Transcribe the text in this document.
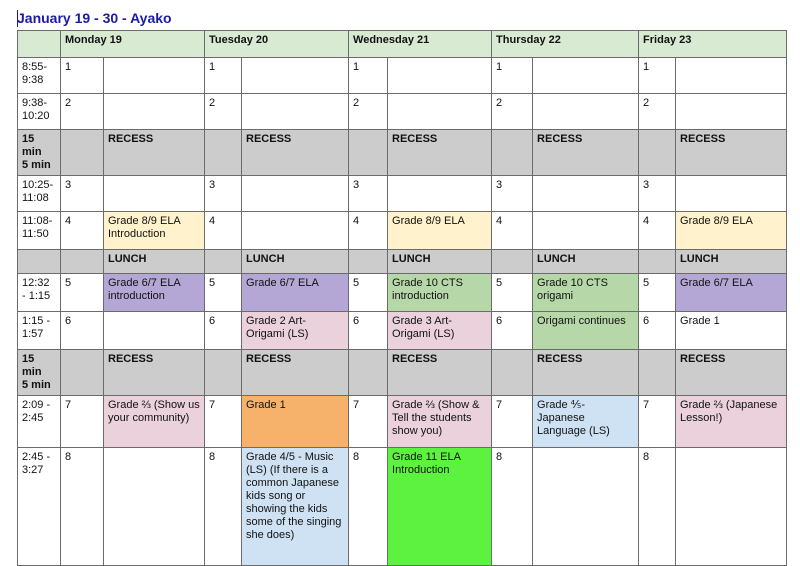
January 19 - 30 - Ayako
	Monday 19		Tuesday 20		Wednesday 21		Thursday 22		Friday 23	
8:55-
9:38	1		1		1		1		1	
9:38-
10:20	2		2		2		2		2	
15 min
5 min		RECESS		RECESS		RECESS		RECESS		RECESS
10:25-
11:08	3		3		3		3		3	
11:08-
11:50	4	Grade 8/9 ELA Introduction	4		4	Grade 8/9 ELA	4		4	Grade 8/9 ELA
		LUNCH		LUNCH		LUNCH		LUNCH		LUNCH
12:32
- 1:15	5	Grade 6/7 ELA introduction	5	Grade 6/7 ELA	5	Grade 10 CTS introduction	5	Grade 10 CTS origami	5	Grade 6/7 ELA
1:15 -
1:57	6		6	Grade 2 Art- Origami (LS)	6	Grade 3 Art- Origami (LS)	6	Origami continues	6	Grade 1
15 min
5 min		RECESS		RECESS		RECESS		RECESS		RECESS
2:09 -
2:45	7	Grade ⅔ (Show us your community)	7	Grade 1	7	Grade ⅔ (Show & Tell the students show you)	7	Grade ⅘- Japanese Language (LS)	7	Grade ⅔ (Japanese Lesson!)
2:45 -
3:27	8		8	Grade 4/5 - Music (LS) (If there is a common Japanese kids song or showing the kids some of the singing she does)	8	Grade 11 ELA Introduction	8		8	
